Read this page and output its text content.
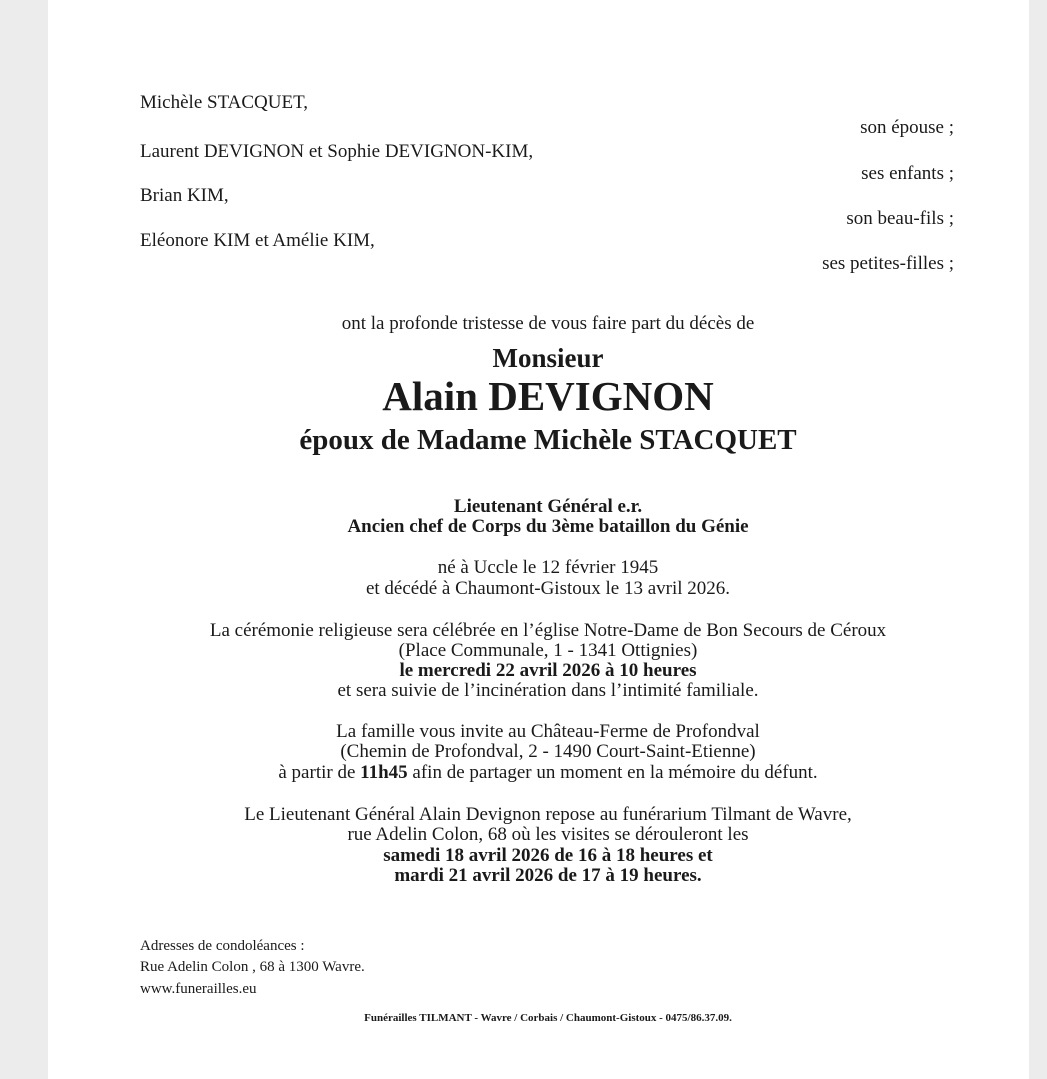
Michèle STACQUET,
son épouse ;
Laurent DEVIGNON et Sophie DEVIGNON-KIM,
ses enfants ;
Brian KIM,
son beau-fils ;
Eléonore KIM et Amélie KIM,
ses petites-filles ;
ont la profonde tristesse de vous faire part du décès de
Monsieur
Alain DEVIGNON
époux de Madame Michèle STACQUET
Lieutenant Général e.r.
Ancien chef de Corps du 3ème bataillon du Génie
né à Uccle le 12 février 1945
et décédé à Chaumont-Gistoux le 13 avril 2026.
La cérémonie religieuse sera célébrée en l’église Notre-Dame de Bon Secours de Céroux
(Place Communale, 1 - 1341 Ottignies)
le mercredi 22 avril 2026 à 10 heures
et sera suivie de l’incinération dans l’intimité familiale.
La famille vous invite au Château-Ferme de Profondval
(Chemin de Profondval, 2 - 1490 Court-Saint-Etienne)
à partir de 11h45 afin de partager un moment en la mémoire du défunt.
Le Lieutenant Général Alain Devignon repose au funérarium Tilmant de Wavre,
rue Adelin Colon, 68 où les visites se dérouleront les
samedi 18 avril 2026 de 16 à 18 heures et
mardi 21 avril 2026 de 17 à 19 heures.
Adresses de condoléances :
Rue Adelin Colon , 68 à 1300 Wavre.
www.funerailles.eu
Funérailles TILMANT - Wavre / Corbais / Chaumont-Gistoux - 0475/86.37.09.
